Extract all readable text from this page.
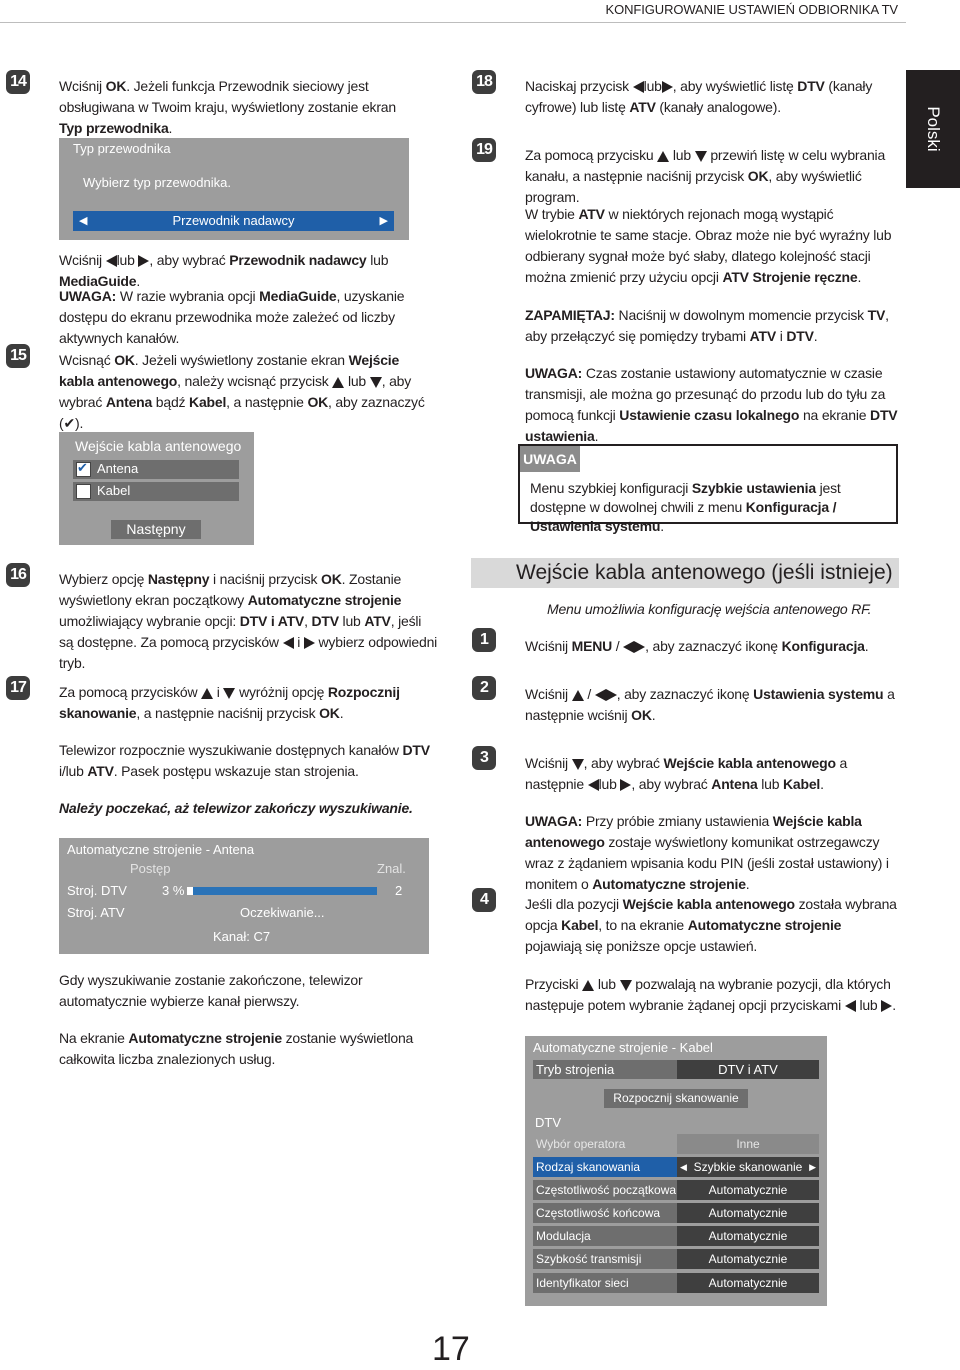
KONFIGUROWANIE USTAWIEŃ ODBIORNIKA TV
Polski
14 Wciśnij OK. Jeżeli funkcja Przewodnik sieciowy jest obsługiwana w Twoim kraju, wyświetlony zostanie ekran Typ przewodnika.
Typ przewodnika
Wybierz typ przewodnika.
◀	Przewodnik nadawcy	▶
Wciśnij lub , aby wybrać Przewodnik nadawcy lub MediaGuide.
UWAGA: W razie wybrania opcji MediaGuide, uzyskanie dostępu do ekranu przewodnika może zależeć od liczby aktywnych kanałów.
15 Wcisnąć OK. Jeżeli wyświetlony zostanie ekran Wejście kabla antenowego, należy wcisnąć przycisk  lub , aby wybrać Antena bądź Kabel, a następnie OK, aby zaznaczyć (✔).
Wejście kabla antenowego
✔ Antena
Kabel
Następny
16 Wybierz opcję Następny i naciśnij przycisk OK. Zostanie wyświetlony ekran początkowy Automatyczne strojenie umożliwiający wybranie opcji: DTV i ATV, DTV lub ATV, jeśli są dostępne. Za pomocą przycisków  i  wybierz odpowiedni tryb.
17 Za pomocą przycisków  i  wyróżnij opcję Rozpocznij skanowanie, a następnie naciśnij przycisk OK.
Telewizor rozpocznie wyszukiwanie dostępnych kanałów DTV i/lub ATV. Pasek postępu wskazuje stan strojenia.
Należy poczekać, aż telewizor zakończy wyszukiwanie.
Automatyczne strojenie - Antena
Postęp	Znal.
Stroj. DTV	3 %	2
Stroj. ATV	Oczekiwanie...
Kanał: C7
Gdy wyszukiwanie zostanie zakończone, telewizor automatycznie wybierze kanał pierwszy.
Na ekranie Automatyczne strojenie zostanie wyświetlona całkowita liczba znalezionych usług.
18 Naciskaj przycisk lub , aby wyświetlić listę DTV (kanały cyfrowe) lub listę ATV (kanały analogowe).
19 Za pomocą przycisku  lub  przewiń listę w celu wybrania kanału, a następnie naciśnij przycisk OK, aby wyświetlić program.
W trybie ATV w niektórych rejonach mogą wystąpić wielokrotnie te same stacje. Obraz może nie być wyraźny lub odbierany sygnał może być słaby, dlatego kolejność stacji można zmienić przy użyciu opcji ATV Strojenie ręczne.
ZAPAMIĘTAJ: Naciśnij w dowolnym momencie przycisk TV, aby przełączyć się pomiędzy trybami ATV i DTV.
UWAGA: Czas zostanie ustawiony automatycznie w czasie transmisji, ale można go przesunąć do przodu lub do tyłu za pomocą funkcji Ustawienie czasu lokalnego na ekranie DTV ustawienia.
UWAGA
Menu szybkiej konfiguracji Szybkie ustawienia jest dostępne w dowolnej chwili z menu Konfiguracja / Ustawienia systemu.
Wejście kabla antenowego (jeśli istnieje)
Menu umożliwia konfigurację wejścia antenowego RF.
1	Wciśnij MENU / , aby zaznaczyć ikonę Konfiguracja.
2	Wciśnij  / , aby zaznaczyć ikonę Ustawienia systemu a następnie wciśnij OK.
3	Wciśnij , aby wybrać Wejście kabla antenowego a następnie lub , aby wybrać Antena lub Kabel.
UWAGA: Przy próbie zmiany ustawienia Wejście kabla antenowego zostaje wyświetlony komunikat ostrzegawczy wraz z żądaniem wpisania kodu PIN (jeśli został ustawiony) i monitem o Automatyczne strojenie.
4	Jeśli dla pozycji Wejście kabla antenowego została wybrana opcja Kabel, to na ekranie Automatyczne strojenie pojawiają się poniższe opcje ustawień.
Przyciski  lub  pozwalają na wybranie pozycji, dla których następuje potem wybranie żądanej opcji przyciskami  lub .
Automatyczne strojenie - Kabel
Tryb strojenia	DTV i ATV
Rozpocznij skanowanie
DTV
Wybór operatora	Inne
Rodzaj skanowania	◀ Szybkie skanowanie ▶
Częstotliwość początkowa	Automatycznie
Częstotliwość końcowa	Automatycznie
Modulacja	Automatycznie
Szybkość transmisji	Automatycznie
Identyfikator sieci	Automatycznie
17
